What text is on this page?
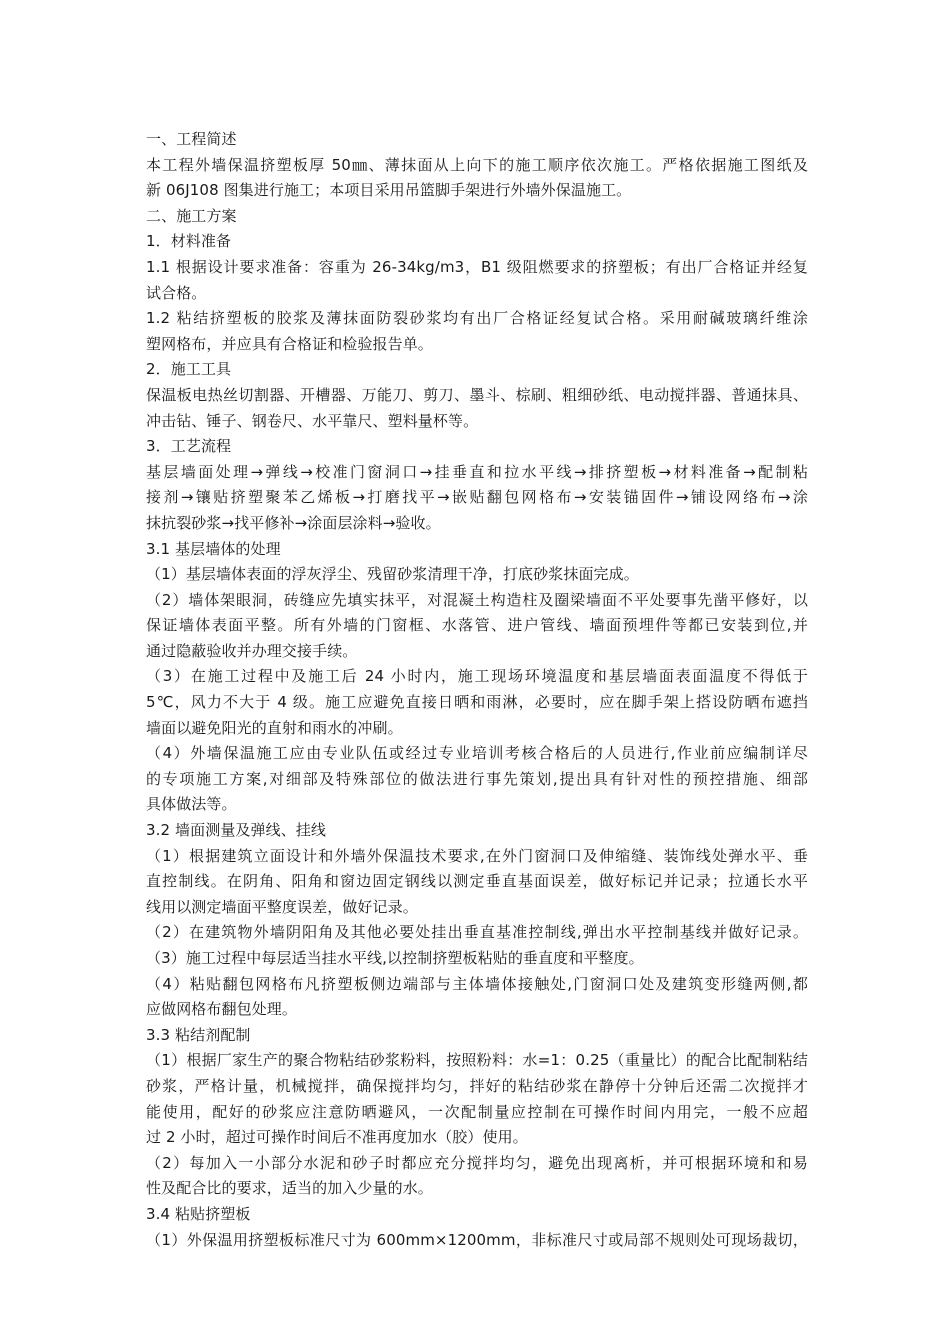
一、工程简述
本工程外墙保温挤塑板厚 50㎜、薄抹面从上向下的施工顺序依次施工。严格依据施工图纸及
新 06J108 图集进行施工；本项目采用吊篮脚手架进行外墙外保温施工。
二、施工方案
1．材料准备
1.1 根据设计要求准备：容重为 26-34kg/m3，B1 级阻燃要求的挤塑板；有出厂合格证并经复
试合格。
1.2 粘结挤塑板的胶浆及薄抹面防裂砂浆均有出厂合格证经复试合格。采用耐碱玻璃纤维涂
塑网格布，并应具有合格证和检验报告单。
2．施工工具
保温板电热丝切割器、开槽器、万能刀、剪刀、墨斗、棕刷、粗细砂纸、电动搅拌器、普通抹具、
冲击钻、锤子、钢卷尺、水平靠尺、塑料量杯等。
3．工艺流程
基层墙面处理→弹线→校准门窗洞口→挂垂直和拉水平线→排挤塑板→材料准备→配制粘
接剂→镶贴挤塑聚苯乙烯板→打磨找平→嵌贴翻包网格布→安装锚固件→铺设网络布→涂
抹抗裂砂浆→找平修补→涂面层涂料→验收。
3.1 基层墙体的处理
（1）基层墙体表面的浮灰浮尘、残留砂浆清理干净，打底砂浆抹面完成。
（2）墙体架眼洞，砖缝应先填实抹平，对混凝土构造柱及圈梁墙面不平处要事先凿平修好，以
保证墙体表面平整。所有外墙的门窗框、水落管、进户管线、墙面预埋件等都已安装到位,并
通过隐蔽验收并办理交接手续。
（3）在施工过程中及施工后 24 小时内，施工现场环境温度和基层墙面表面温度不得低于
5℃，风力不大于 4 级。施工应避免直接日晒和雨淋，必要时，应在脚手架上搭设防晒布遮挡
墙面以避免阳光的直射和雨水的冲刷。
（4）外墙保温施工应由专业队伍或经过专业培训考核合格后的人员进行,作业前应编制详尽
的专项施工方案,对细部及特殊部位的做法进行事先策划,提出具有针对性的预控措施、细部
具体做法等。
3.2 墙面测量及弹线、挂线
（1）根据建筑立面设计和外墙外保温技术要求,在外门窗洞口及伸缩缝、装饰线处弹水平、垂
直控制线。在阴角、阳角和窗边固定钢线以测定垂直基面误差，做好标记并记录；拉通长水平
线用以测定墙面平整度误差，做好记录。
（2）在建筑物外墙阴阳角及其他必要处挂出垂直基准控制线,弹出水平控制基线并做好记录。
（3）施工过程中每层适当挂水平线,以控制挤塑板粘贴的垂直度和平整度。
（4）粘贴翻包网格布凡挤塑板侧边端部与主体墙体接触处,门窗洞口处及建筑变形缝两侧,都
应做网格布翻包处理。
3.3 粘结剂配制
（1）根据厂家生产的聚合物粘结砂浆粉料，按照粉料：水=1：0.25（重量比）的配合比配制粘结
砂浆，严格计量，机械搅拌，确保搅拌均匀，拌好的粘结砂浆在静停十分钟后还需二次搅拌才
能使用，配好的砂浆应注意防晒避风，一次配制量应控制在可操作时间内用完，一般不应超
过 2 小时，超过可操作时间后不准再度加水（胶）使用。
（2）每加入一小部分水泥和砂子时都应充分搅拌均匀，避免出现离析，并可根据环境和和易
性及配合比的要求，适当的加入少量的水。
3.4 粘贴挤塑板
（1）外保温用挤塑板标准尺寸为 600mm×1200mm，非标准尺寸或局部不规则处可现场裁切，
